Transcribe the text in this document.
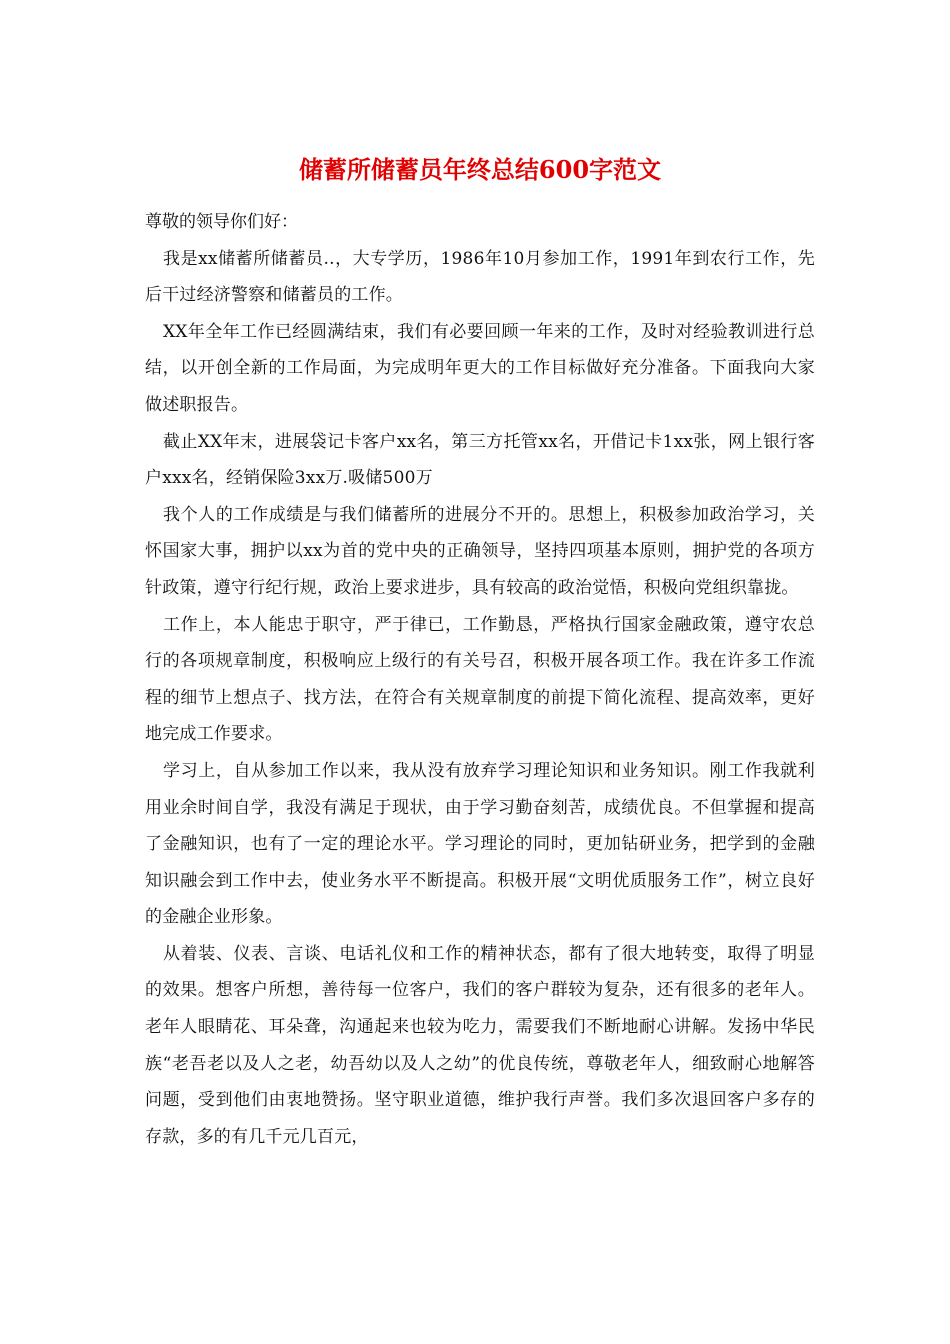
储蓄所储蓄员年终总结600字范文

尊敬的领导你们好：

我是xx储蓄所储蓄员..，大专学历，1986年10月参加工作，1991年到农行工作，先后干过经济警察和储蓄员的工作。

XX年全年工作已经圆满结束，我们有必要回顾一年来的工作，及时对经验教训进行总结，以开创全新的工作局面，为完成明年更大的工作目标做好充分准备。下面我向大家做述职报告。

截止XX年末，进展袋记卡客户xx名，第三方托管xx名，开借记卡1xx张，网上银行客户xxx名，经销保险3xx万.吸储500万

我个人的工作成绩是与我们储蓄所的进展分不开的。思想上，积极参加政治学习，关怀国家大事，拥护以xx为首的党中央的正确领导，坚持四项基本原则，拥护党的各项方针政策，遵守行纪行规，政治上要求进步，具有较高的政治觉悟，积极向党组织靠拢。

工作上，本人能忠于职守，严于律已，工作勤恳，严格执行国家金融政策，遵守农总行的各项规章制度，积极响应上级行的有关号召，积极开展各项工作。我在许多工作流程的细节上想点子、找方法，在符合有关规章制度的前提下简化流程、提高效率，更好地完成工作要求。

学习上，自从参加工作以来，我从没有放弃学习理论知识和业务知识。刚工作我就利用业余时间自学，我没有满足于现状，由于学习勤奋刻苦，成绩优良。不但掌握和提高了金融知识，也有了一定的理论水平。学习理论的同时，更加钻研业务，把学到的金融知识融会到工作中去，使业务水平不断提高。积极开展“文明优质服务工作”，树立良好的金融企业形象。

从着装、仪表、言谈、电话礼仪和工作的精神状态，都有了很大地转变，取得了明显的效果。想客户所想，善待每一位客户，我们的客户群较为复杂，还有很多的老年人。老年人眼睛花、耳朵聋，沟通起来也较为吃力，需要我们不断地耐心讲解。发扬中华民族“老吾老以及人之老，幼吾幼以及人之幼”的优良传统，尊敬老年人，细致耐心地解答问题，受到他们由衷地赞扬。坚守职业道德，维护我行声誉。我们多次退回客户多存的存款，多的有几千元几百元，
